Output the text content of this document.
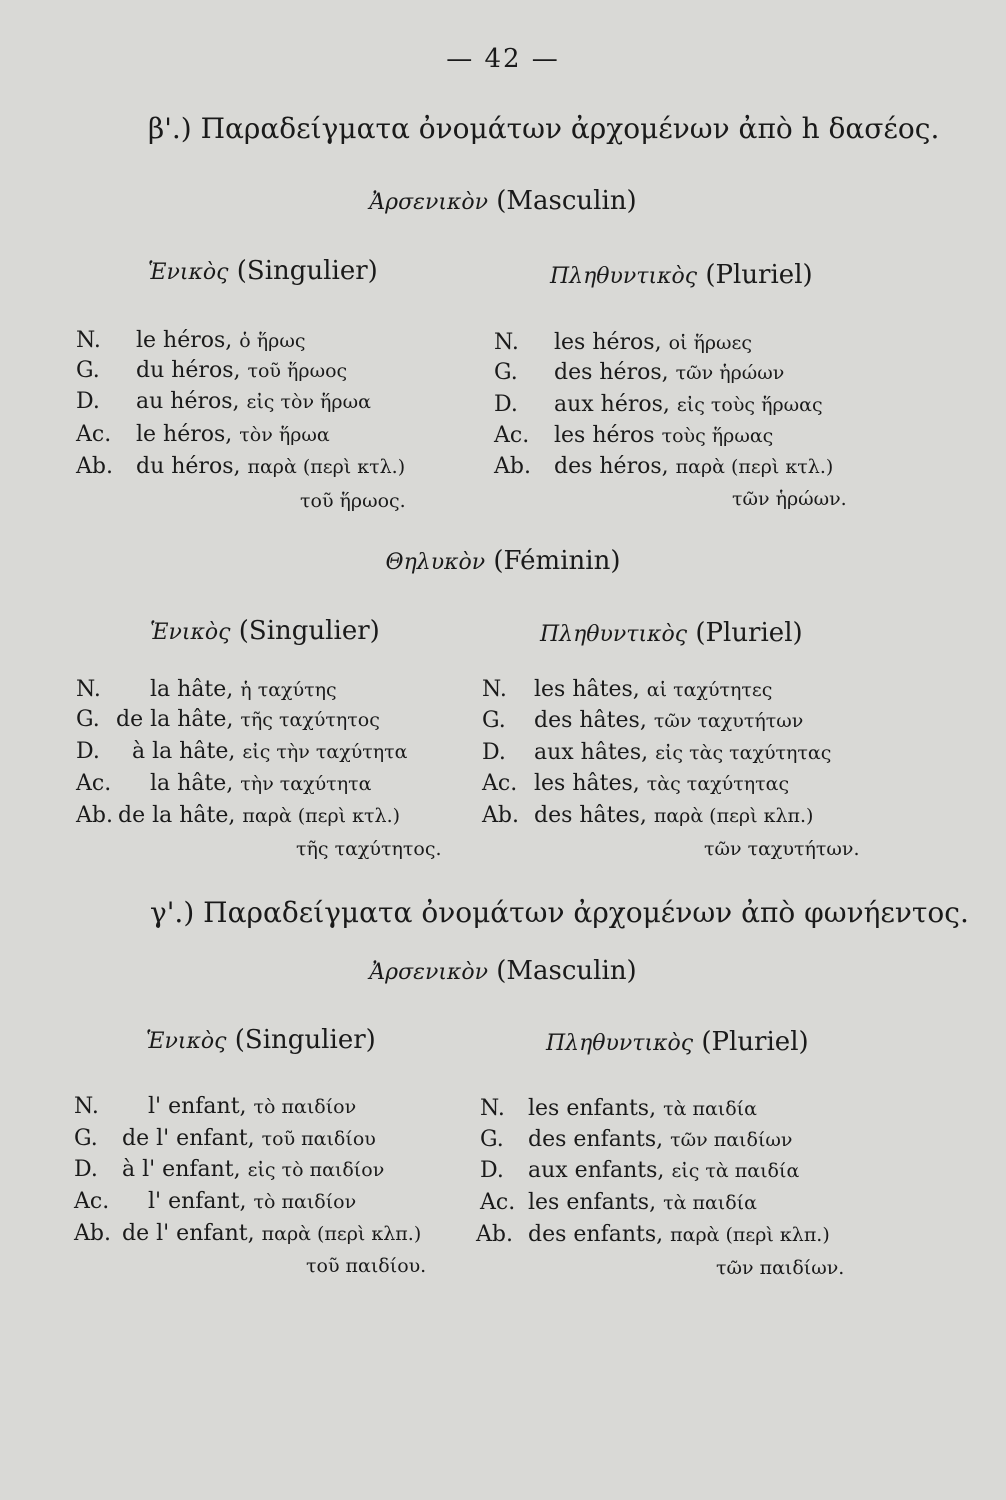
— 42 —
β'.) Παραδείγματα ὀνομάτων ἀρχομένων ἀπὸ h δασέος.
Ἀρσενικὸν (Masculin)
Ἑνικὸς (Singulier)	Πληθυντικὸς (Pluriel)
N. le héros, ὁ ἥρως
G. du héros, τοῦ ἥρωος
D. au héros, εἰς τὸν ἥρωα
Ac. le héros, τὸν ἥρωα
Ab. du héros, παρὰ (περὶ κτλ.)
τοῦ ἥρωος.
N. les héros, οἱ ἥρωες
G. des héros, τῶν ἡρώων
D. aux héros, εἰς τοὺς ἥρωας
Ac. les héros τοὺς ἥρωας
Ab. des héros, παρὰ (περὶ κτλ.)
τῶν ἡρώων.
Θηλυκὸν (Féminin)
Ἑνικὸς (Singulier)	Πληθυντικὸς (Pluriel)
N. la hâte, ἡ ταχύτης
G. de la hâte, τῆς ταχύτητος
D. à la hâte, εἰς τὴν ταχύτητα
Ac. la hâte, τὴν ταχύτητα
Ab. de la hâte, παρὰ (περὶ κτλ.)
τῆς ταχύτητος.
N. les hâtes, αἱ ταχύτητες
G. des hâtes, τῶν ταχυτήτων
D. aux hâtes, εἰς τὰς ταχύτητας
Ac. les hâtes, τὰς ταχύτητας
Ab. des hâtes, παρὰ (περὶ κλπ.)
τῶν ταχυτήτων.
γ'.) Παραδείγματα ὀνομάτων ἀρχομένων ἀπὸ φωνήεντος.
Ἀρσενικὸν (Masculin)
Ἑνικὸς (Singulier)	Πληθυντικὸς (Pluriel)
N. l' enfant, τὸ παιδίον
G. de l' enfant, τοῦ παιδίου
D. à l' enfant, εἰς τὸ παιδίον
Ac. l' enfant, τὸ παιδίον
Ab. de l' enfant, παρὰ (περὶ κλπ.)
τοῦ παιδίου.
N. les enfants, τὰ παιδία
G. des enfants, τῶν παιδίων
D. aux enfants, εἰς τὰ παιδία
Ac. les enfants, τὰ παιδία
Ab. des enfants, παρὰ (περὶ κλπ.)
τῶν παιδίων.
